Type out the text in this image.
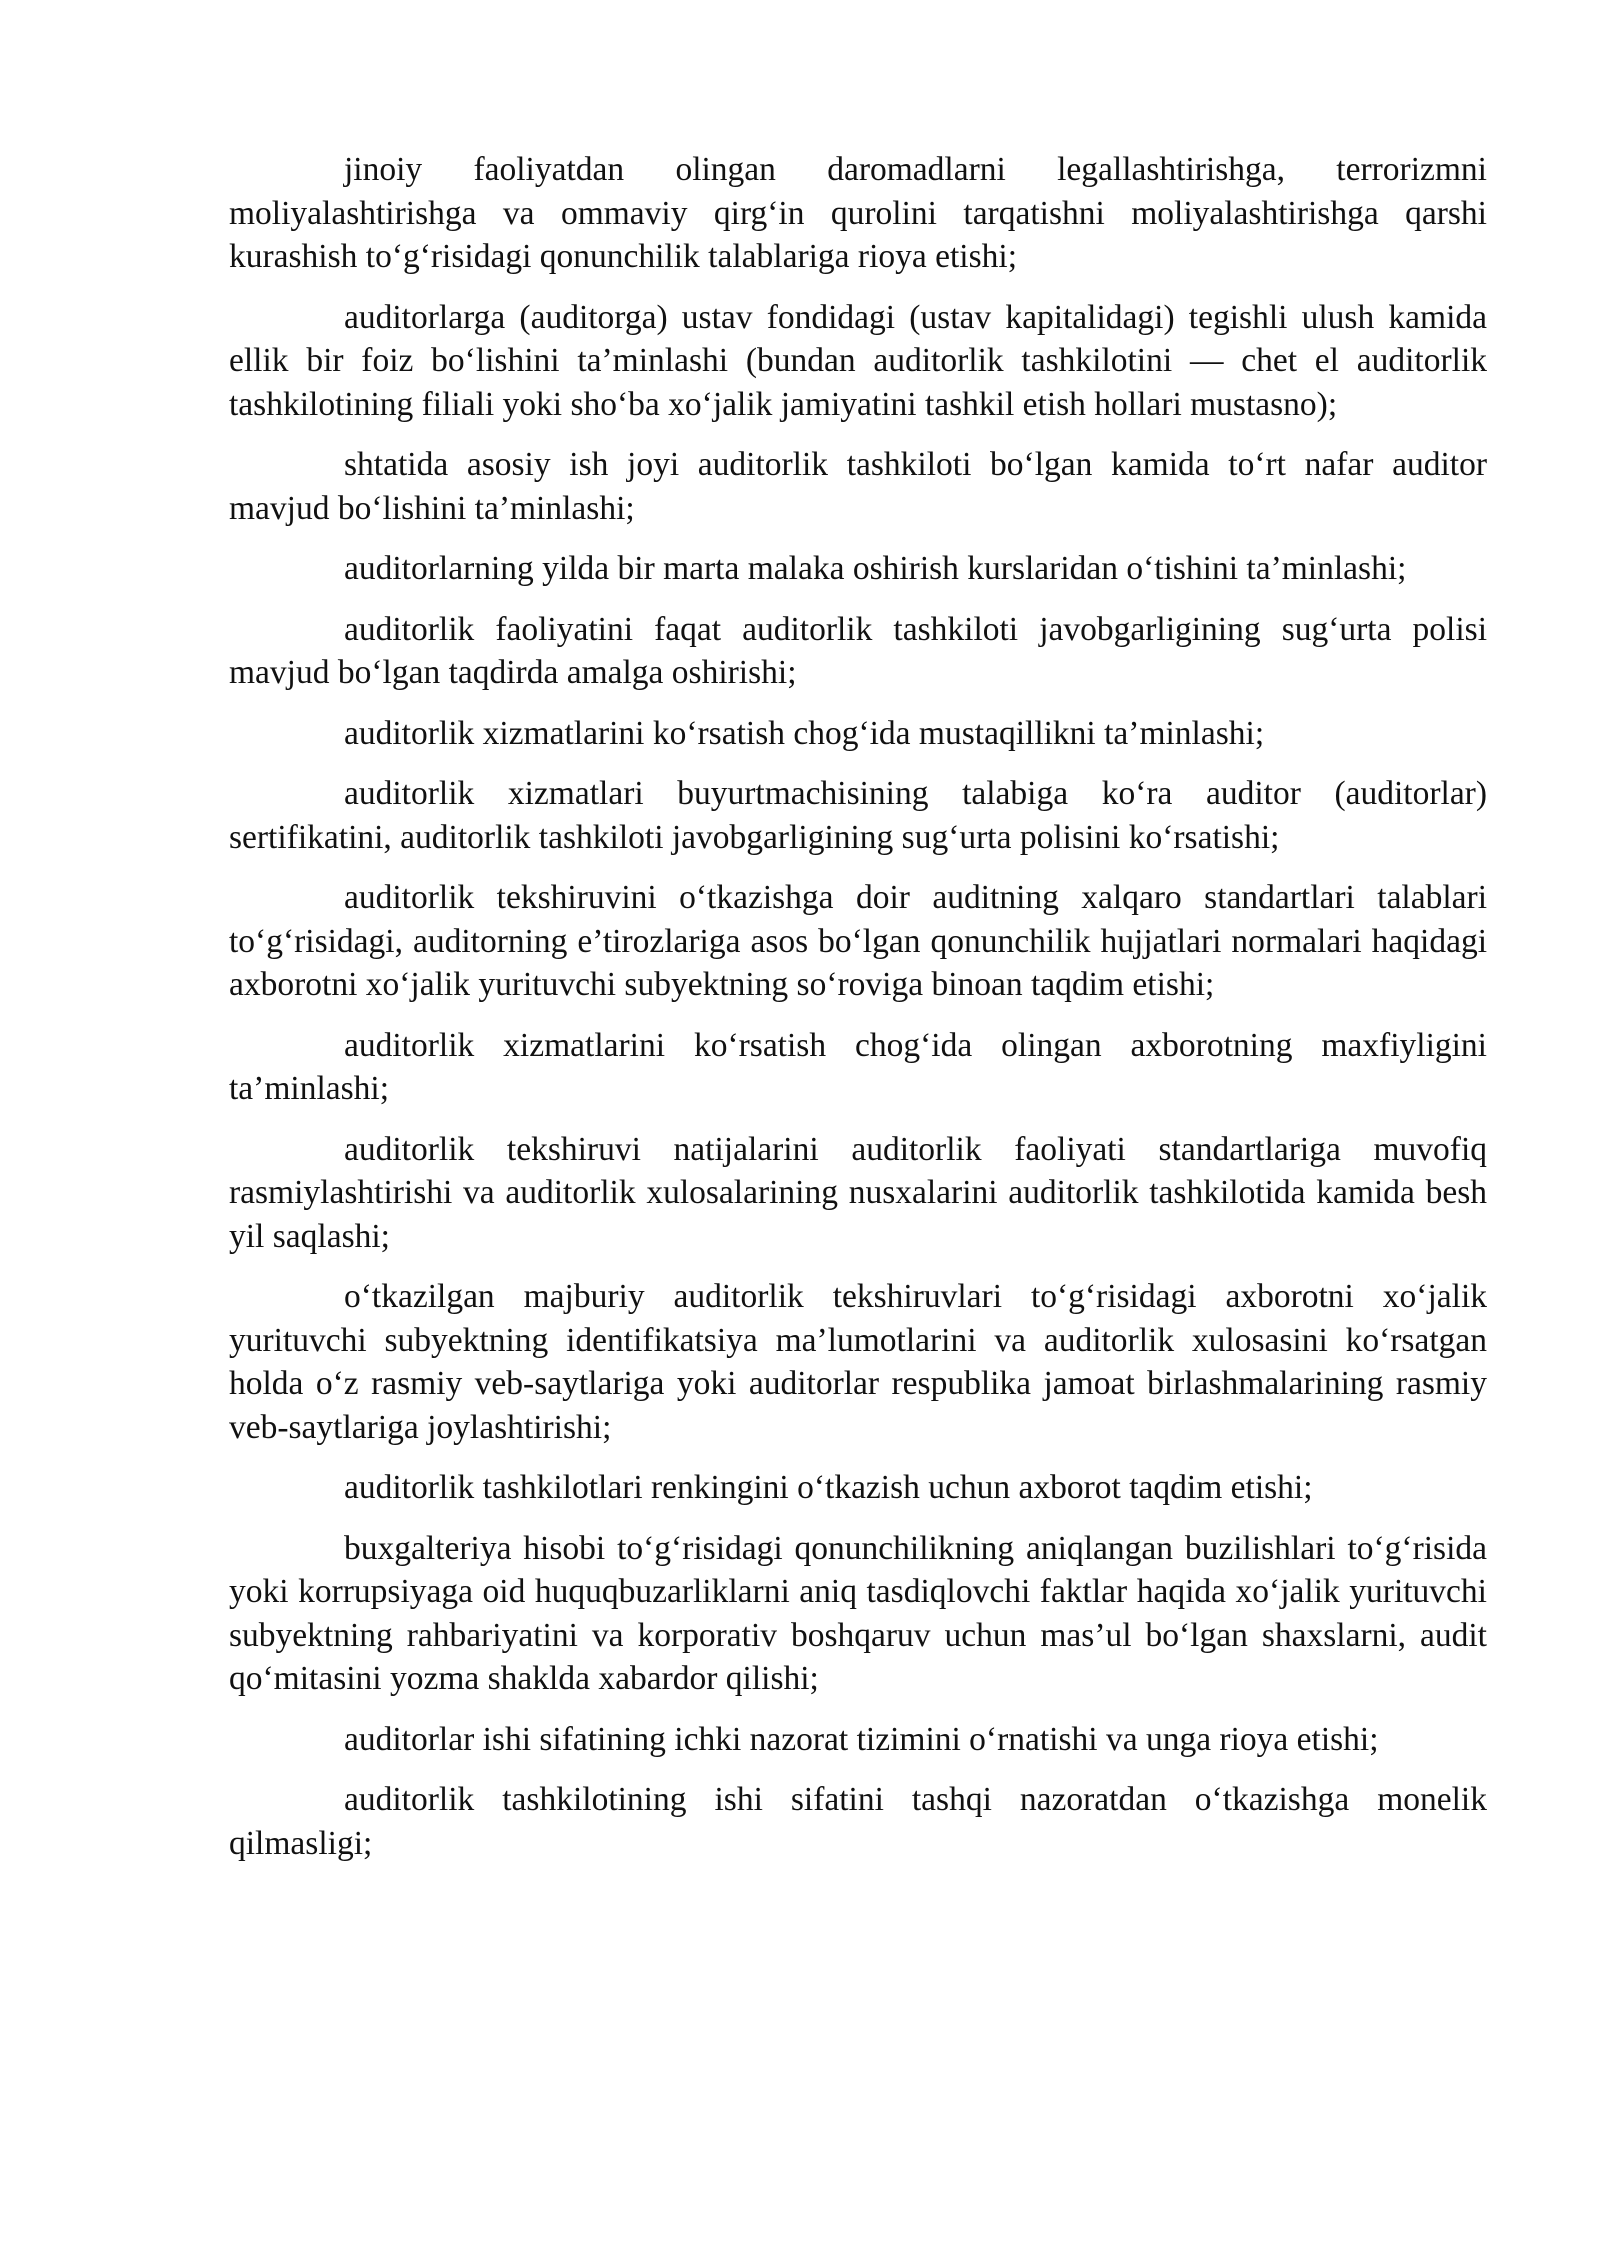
jinoiy faoliyatdan olingan daromadlarni legallashtirishga, terrorizmni moliyalashtirishga va ommaviy qirg‘in qurolini tarqatishni moliyalashtirishga qarshi kurashish to‘g‘risidagi qonunchilik talablariga rioya etishi;

auditorlarga (auditorga) ustav fondidagi (ustav kapitalidagi) tegishli ulush kamida ellik bir foiz bo‘lishini ta’minlashi (bundan auditorlik tashkilotini — chet el auditorlik tashkilotining filiali yoki sho‘ba xo‘jalik jamiyatini tashkil etish hollari mustasno);

shtatida asosiy ish joyi auditorlik tashkiloti bo‘lgan kamida to‘rt nafar auditor mavjud bo‘lishini ta’minlashi;

auditorlarning yilda bir marta malaka oshirish kurslaridan o‘tishini ta’minlashi;

auditorlik faoliyatini faqat auditorlik tashkiloti javobgarligining sug‘urta polisi mavjud bo‘lgan taqdirda amalga oshirishi;

auditorlik xizmatlarini ko‘rsatish chog‘ida mustaqillikni ta’minlashi;

auditorlik xizmatlari buyurtmachisining talabiga ko‘ra auditor (auditorlar) sertifikatini, auditorlik tashkiloti javobgarligining sug‘urta polisini ko‘rsatishi;

auditorlik tekshiruvini o‘tkazishga doir auditning xalqaro standartlari talablari to‘g‘risidagi, auditorning e’tirozlariga asos bo‘lgan qonunchilik hujjatlari normalari haqidagi axborotni xo‘jalik yurituvchi subyektning so‘roviga binoan taqdim etishi;

auditorlik xizmatlarini ko‘rsatish chog‘ida olingan axborotning maxfiyligini ta’minlashi;

auditorlik tekshiruvi natijalarini auditorlik faoliyati standartlariga muvofiq rasmiylashtirishi va auditorlik xulosalarining nusxalarini auditorlik tashkilotida kamida besh yil saqlashi;

o‘tkazilgan majburiy auditorlik tekshiruvlari to‘g‘risidagi axborotni xo‘jalik yurituvchi subyektning identifikatsiya ma’lumotlarini va auditorlik xulosasini ko‘rsatgan holda o‘z rasmiy veb-saytlariga yoki auditorlar respublika jamoat birlashmalarining rasmiy veb-saytlariga joylashtirishi;

auditorlik tashkilotlari renkingini o‘tkazish uchun axborot taqdim etishi;

buxgalteriya hisobi to‘g‘risidagi qonunchilikning aniqlangan buzilishlari to‘g‘risida yoki korrupsiyaga oid huquqbuzarliklarni aniq tasdiqlovchi faktlar haqida xo‘jalik yurituvchi subyektning rahbariyatini va korporativ boshqaruv uchun mas’ul bo‘lgan shaxslarni, audit qo‘mitasini yozma shaklda xabardor qilishi;

auditorlar ishi sifatining ichki nazorat tizimini o‘rnatishi va unga rioya etishi;

auditorlik tashkilotining ishi sifatini tashqi nazoratdan o‘tkazishga monelik qilmasligi;
